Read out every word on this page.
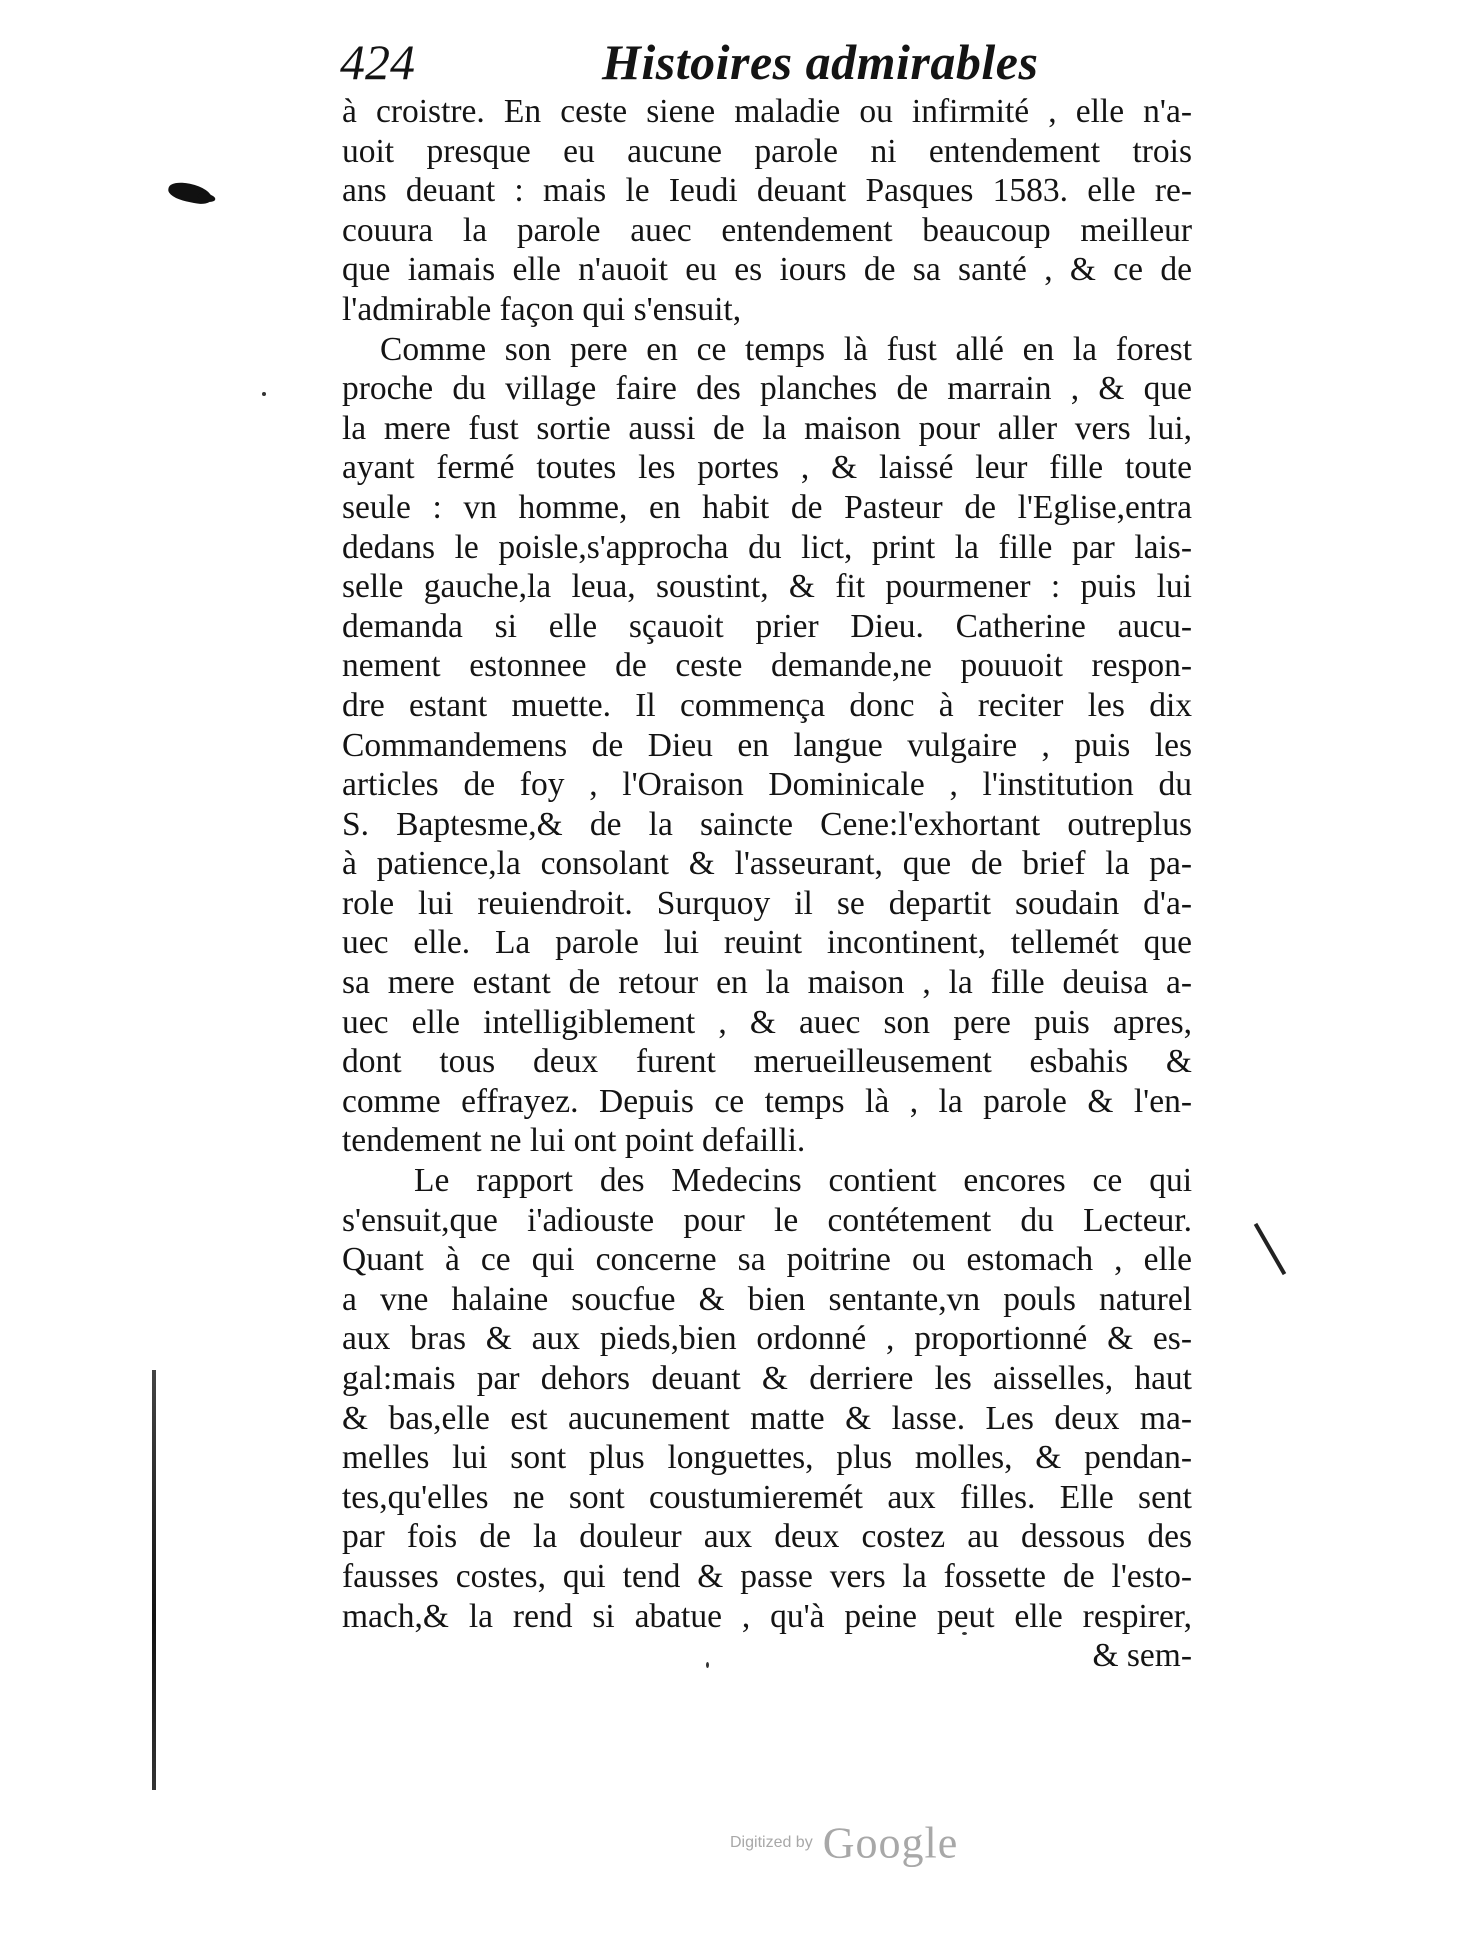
424	Histoires admirables
à croistre. En ceste siene maladie ou infirmité , elle n'a-
uoit presque eu aucune parole ni entendement trois
ans deuant : mais le Ieudi deuant Pasques 1583. elle re-
couura la parole auec entendement beaucoup meilleur
que iamais elle n'auoit eu es iours de sa santé , & ce de
l'admirable façon qui s'ensuit,
Comme son pere en ce temps là fust allé en la forest
proche du village faire des planches de marrain , & que
la mere fust sortie aussi de la maison pour aller vers lui,
ayant fermé toutes les portes , & laissé leur fille toute
seule : vn homme, en habit de Pasteur de l'Eglise,entra
dedans le poisle,s'approcha du lict, print la fille par lais-
selle gauche,la leua, soustint, & fit pourmener : puis lui
demanda si elle sçauoit prier Dieu. Catherine aucu-
nement estonnee de ceste demande,ne pouuoit respon-
dre estant muette. Il commença donc à reciter les dix
Commandemens de Dieu en langue vulgaire , puis les
articles de foy , l'Oraison Dominicale , l'institution du
S. Baptesme,& de la saincte Cene:l'exhortant outreplus
à patience,la consolant & l'asseurant, que de brief la pa-
role lui reuiendroit. Surquoy il se departit soudain d'a-
uec elle. La parole lui reuint incontinent, tellemét que
sa mere estant de retour en la maison , la fille deuisa a-
uec elle intelligiblement , & auec son pere puis apres,
dont tous deux furent merueilleusement esbahis &
comme effrayez. Depuis ce temps là , la parole & l'en-
tendement ne lui ont point defailli.
Le rapport des Medecins contient encores ce qui
s'ensuit,que i'adiouste pour le contétement du Lecteur.
Quant à ce qui concerne sa poitrine ou estomach , elle
a vne halaine soucfue & bien sentante,vn pouls naturel
aux bras & aux pieds,bien ordonné , proportionné & es-
gal:mais par dehors deuant & derriere les aisselles, haut
& bas,elle est aucunement matte & lasse. Les deux ma-
melles lui sont plus longuettes, plus molles, & pendan-
tes,qu'elles ne sont coustumieremét aux filles. Elle sent
par fois de la douleur aux deux costez au dessous des
fausses costes, qui tend & passe vers la fossette de l'esto-
mach,& la rend si abatue , qu'à peine peut elle respirer,
& sem-
Digitized by Google
